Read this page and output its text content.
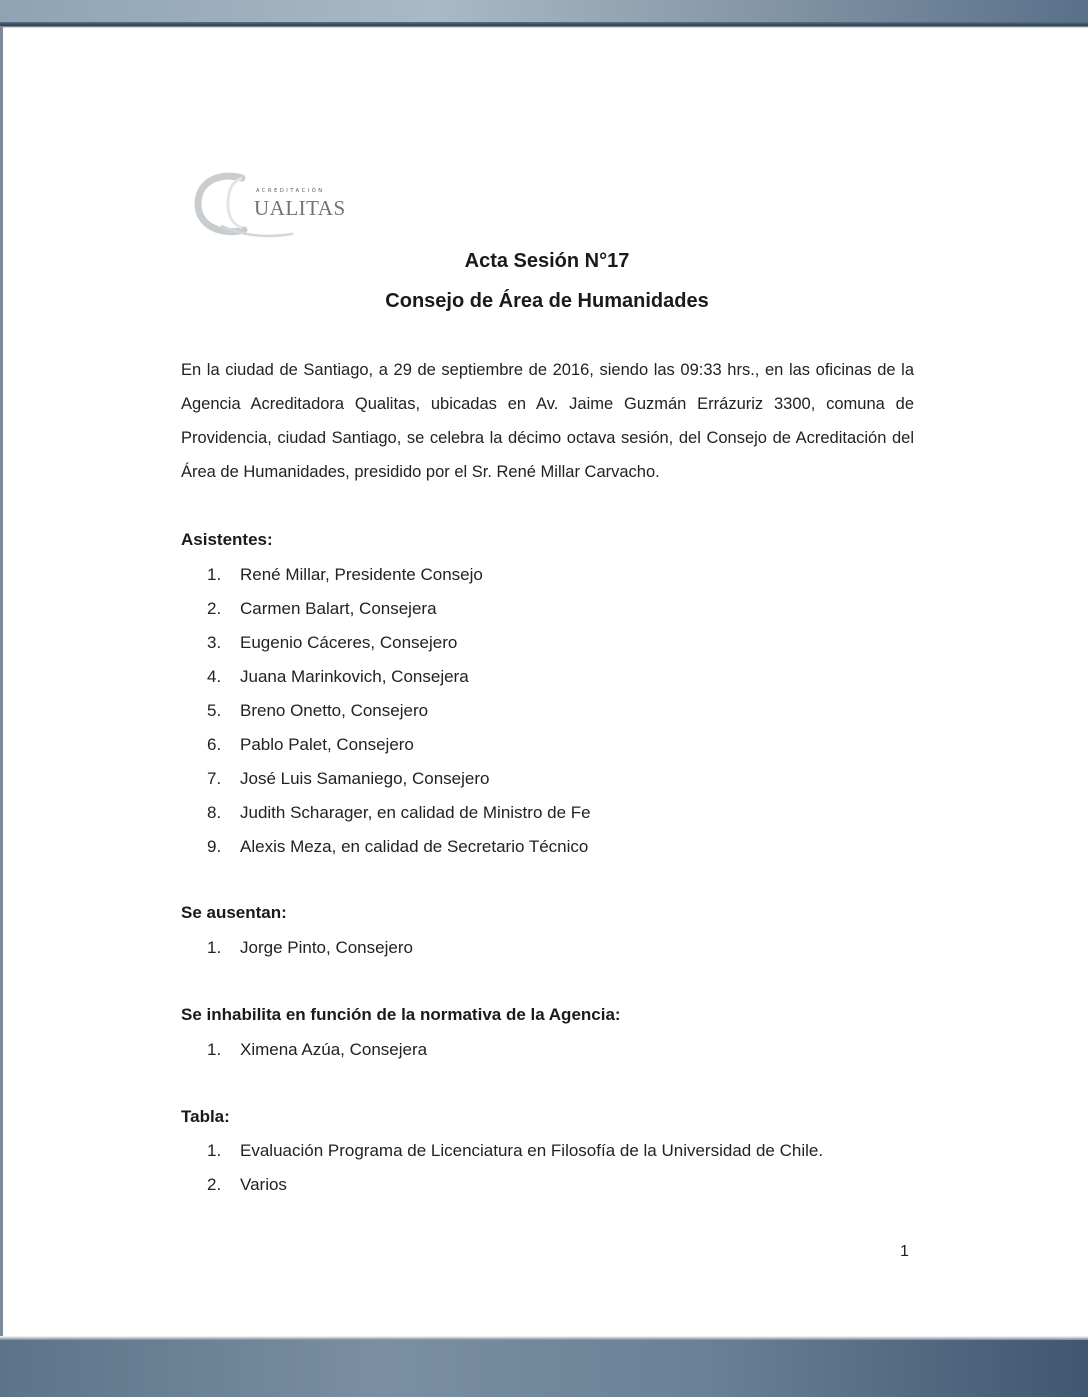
ACREDITACIÓN
UALITAS
Acta Sesión N°17
Consejo de Área de Humanidades
En la ciudad de Santiago, a 29 de septiembre de 2016, siendo las 09:33 hrs., en las oficinas de la Agencia Acreditadora Qualitas, ubicadas en Av. Jaime Guzmán Errázuriz 3300, comuna de Providencia, ciudad Santiago, se celebra la décimo octava sesión, del Consejo de Acreditación del Área de Humanidades, presidido por el Sr. René Millar Carvacho.
Asistentes:
1. René Millar, Presidente Consejo
2. Carmen Balart, Consejera
3. Eugenio Cáceres, Consejero
4. Juana Marinkovich, Consejera
5. Breno Onetto, Consejero
6. Pablo Palet, Consejero
7. José Luis Samaniego, Consejero
8. Judith Scharager, en calidad de Ministro de Fe
9. Alexis Meza, en calidad de Secretario Técnico
Se ausentan:
1. Jorge Pinto, Consejero
Se inhabilita en función de la normativa de la Agencia:
1. Ximena Azúa, Consejera
Tabla:
1. Evaluación Programa de Licenciatura en Filosofía de la Universidad de Chile.
2. Varios
1
